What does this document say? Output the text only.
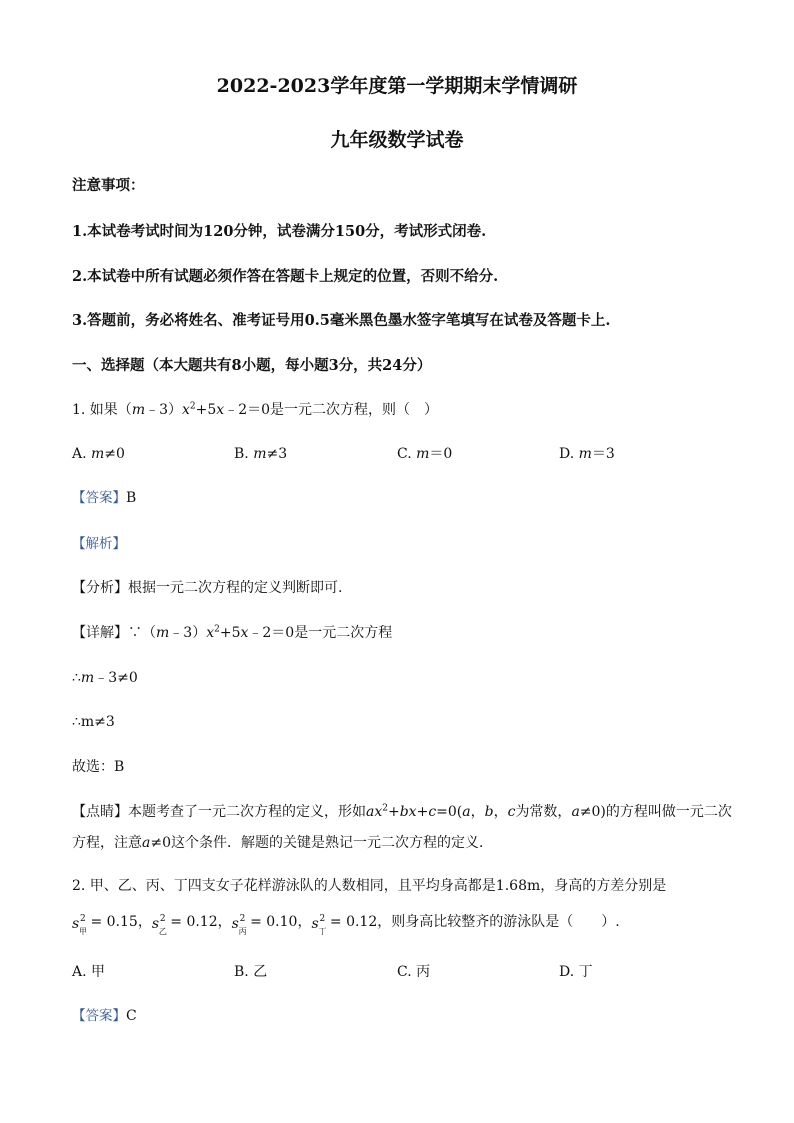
2022-2023学年度第一学期期末学情调研
九年级数学试卷
注意事项：
1.本试卷考试时间为120分钟，试卷满分150分，考试形式闭卷.
2.本试卷中所有试题必须作答在答题卡上规定的位置，否则不给分.
3.答题前，务必将姓名、准考证号用0.5毫米黑色墨水签字笔填写在试卷及答题卡上.
一、选择题（本大题共有8小题，每小题3分，共24分）
1. 如果$(m﹣3)x^2+5x﹣2=0$是一元二次方程，则（　）
A. m≠0	B. m≠3	C. m＝0	D. m＝3
【答案】B
【解析】
【分析】根据一元二次方程的定义判断即可.
【详解】$\because(m﹣3)x^2+5x﹣2=0$是一元二次方程
∴m﹣3≠0
∴m≠3
故选：B
【点睛】本题考查了一元二次方程的定义，形如$ax^2+bx+c=0(a$，b，c为常数，a≠0)的方程叫做一元二次
方程，注意a≠0这个条件．解题的关键是熟记一元二次方程的定义．
2. 甲、乙、丙、丁四支女子花样游泳队的人数相同，且平均身高都是1.68m，身高的方差分别是
s 2
甲
= 0.15， s 2
乙
= 0.12， s 2
丙
= 0.10， s 2
丁
= 0.12，则身高比较整齐的游泳队是（　　）.
A. 甲	B. 乙	C. 丙	D. 丁
【答案】C
